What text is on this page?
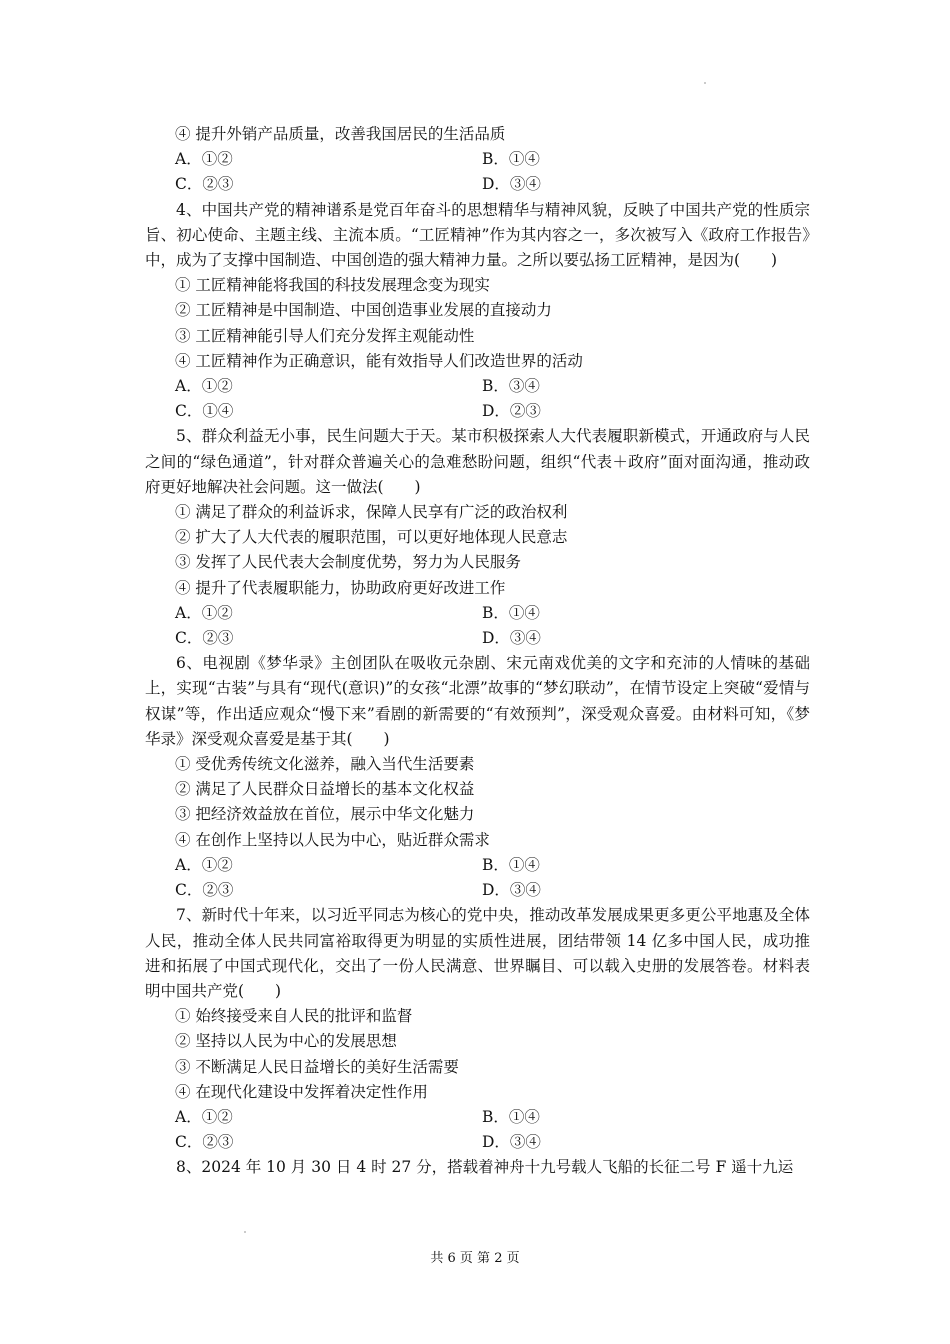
④ 提升外销产品质量，改善我国居民的生活品质

A．①②	B．①④
C．②③	D．③④

4、中国共产党的精神谱系是党百年奋斗的思想精华与精神风貌，反映了中国共产党的性质宗旨、初心使命、主题主线、主流本质。“工匠精神”作为其内容之一，多次被写入《政府工作报告》中，成为了支撑中国制造、中国创造的强大精神力量。之所以要弘扬工匠精神，是因为(　　)

① 工匠精神能将我国的科技发展理念变为现实

② 工匠精神是中国制造、中国创造事业发展的直接动力

③ 工匠精神能引导人们充分发挥主观能动性

④ 工匠精神作为正确意识，能有效指导人们改造世界的活动

A．①②	B．③④
C．①④	D．②③

5、群众利益无小事，民生问题大于天。某市积极探索人大代表履职新模式，开通政府与人民之间的“绿色通道”，针对群众普遍关心的急难愁盼问题，组织“代表＋政府”面对面沟通，推动政府更好地解决社会问题。这一做法(　　)

① 满足了群众的利益诉求，保障人民享有广泛的政治权利

② 扩大了人大代表的履职范围，可以更好地体现人民意志

③ 发挥了人民代表大会制度优势，努力为人民服务

④ 提升了代表履职能力，协助政府更好改进工作

A．①②	B．①④
C．②③	D．③④

6、电视剧《梦华录》主创团队在吸收元杂剧、宋元南戏优美的文字和充沛的人情味的基础上，实现“古装”与具有“现代(意识)”的女孩“北漂”故事的“梦幻联动”，在情节设定上突破“爱情与权谋”等，作出适应观众“慢下来”看剧的新需要的“有效预判”，深受观众喜爱。由材料可知，《梦华录》深受观众喜爱是基于其(　　)

① 受优秀传统文化滋养，融入当代生活要素

② 满足了人民群众日益增长的基本文化权益

③ 把经济效益放在首位，展示中华文化魅力

④ 在创作上坚持以人民为中心，贴近群众需求

A．①②	B．①④
C．②③	D．③④

7、新时代十年来，以习近平同志为核心的党中央，推动改革发展成果更多更公平地惠及全体人民，推动全体人民共同富裕取得更为明显的实质性进展，团结带领 14 亿多中国人民，成功推进和拓展了中国式现代化，交出了一份人民满意、世界瞩目、可以载入史册的发展答卷。材料表明中国共产党(　　)

① 始终接受来自人民的批评和监督

② 坚持以人民为中心的发展思想

③ 不断满足人民日益增长的美好生活需要

④ 在现代化建设中发挥着决定性作用

A．①②	B．①④
C．②③	D．③④

8、2024 年 10 月 30 日 4 时 27 分，搭载着神舟十九号载人飞船的长征二号 F 遥十九运

共 6 页 第 2 页
